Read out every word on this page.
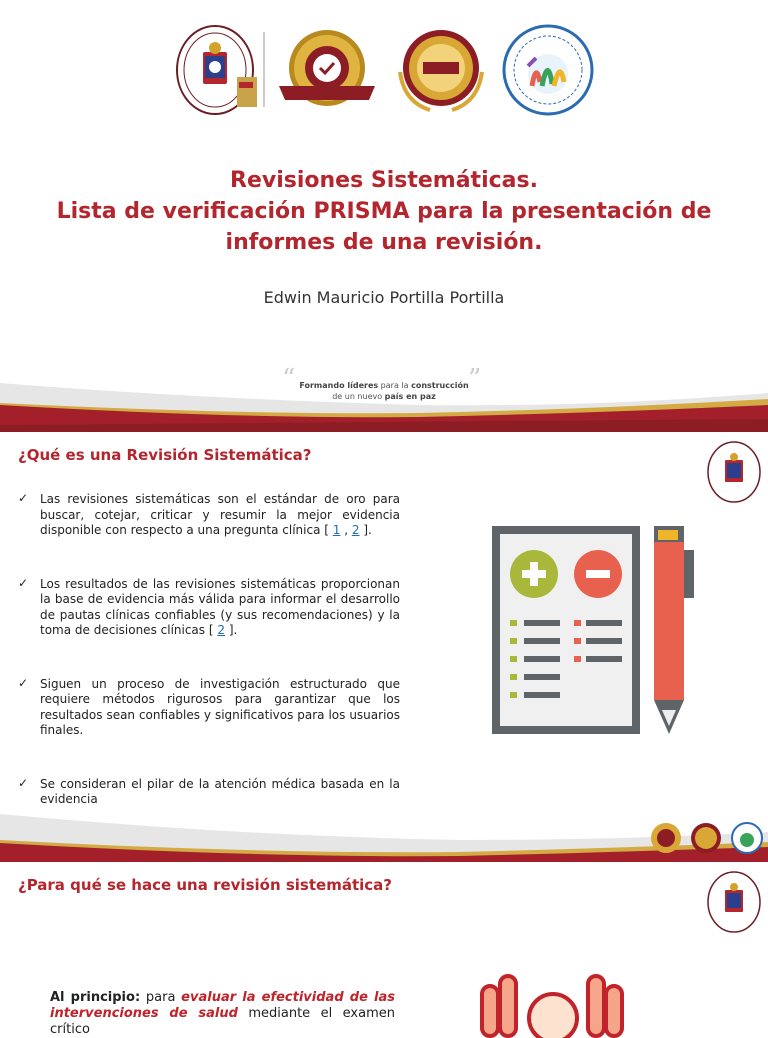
Revisiones Sistemáticas.
Lista de verificación PRISMA para la presentación de
informes de una revisión.
Edwin Mauricio Portilla Portilla
“ Formando líderes para la construcción
de un nuevo país en paz
”
¿Qué es una Revisión Sistemática?
✓ Las revisiones sistemáticas son el estándar de oro para buscar, cotejar, criticar y resumir la mejor evidencia disponible con respecto a una pregunta clínica [ 1 , 2 ].
✓ Los resultados de las revisiones sistemáticas proporcionan la base de evidencia más válida para informar el desarrollo de pautas clínicas confiables (y sus recomendaciones) y la toma de decisiones clínicas [ 2 ].
✓ Siguen un proceso de investigación estructurado que requiere métodos rigurosos para garantizar que los resultados sean confiables y significativos para los usuarios finales.
✓ Se consideran el pilar de la atención médica basada en la evidencia
¿Para qué se hace una revisión sistemática?

Al principio: para evaluar la efectividad de las intervenciones de salud mediante el examen crítico
